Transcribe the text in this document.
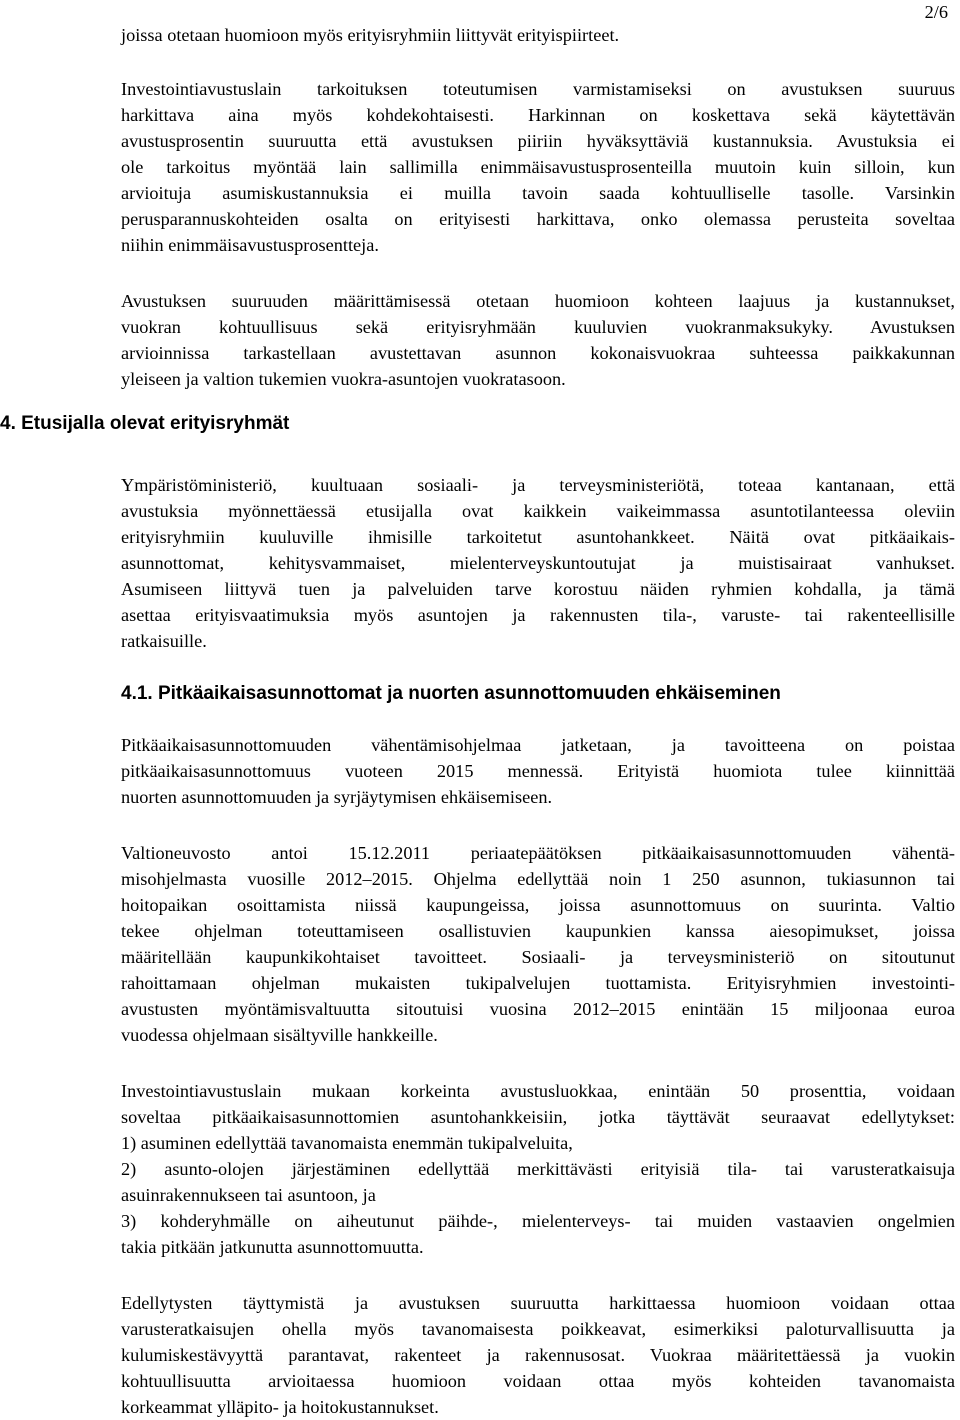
2/6
4. Etusijalla olevat erityisryhmät

joissa otetaan huomioon myös erityisryhmiin liittyvät erityispiirteet.

Investointiavustuslain tarkoituksen toteutumisen varmistamiseksi on avustuksen suuruus
harkittava aina myös kohdekohtaisesti. Harkinnan on koskettava sekä käytettävän
avustusprosentin suuruutta että avustuksen piiriin hyväksyttäviä kustannuksia. Avustuksia ei
ole tarkoitus myöntää lain sallimilla enimmäisavustusprosenteilla muutoin kuin silloin, kun
arvioituja asumiskustannuksia ei muilla tavoin saada kohtuulliselle tasolle. Varsinkin
perusparannuskohteiden osalta on erityisesti harkittava, onko olemassa perusteita soveltaa
niihin enimmäisavustusprosentteja.

Avustuksen suuruuden määrittämisessä otetaan huomioon kohteen laajuus ja kustannukset,
vuokran kohtuullisuus sekä erityisryhmään kuuluvien vuokranmaksukyky. Avustuksen
arvioinnissa tarkastellaan avustettavan asunnon kokonaisvuokraa suhteessa paikkakunnan
yleiseen ja valtion tukemien vuokra-asuntojen vuokratasoon.

Ympäristöministeriö, kuultuaan sosiaali- ja terveysministeriötä, toteaa kantanaan, että
avustuksia myönnettäessä etusijalla ovat kaikkein vaikeimmassa asuntotilanteessa oleviin
erityisryhmiin kuuluville ihmisille tarkoitetut asuntohankkeet. Näitä ovat pitkäaikais-
asunnottomat, kehitysvammaiset, mielenterveyskuntoutujat ja muistisairaat vanhukset.
Asumiseen liittyvä tuen ja palveluiden tarve korostuu näiden ryhmien kohdalla, ja tämä
asettaa erityisvaatimuksia myös asuntojen ja rakennusten tila-, varuste- tai rakenteellisille
ratkaisuille.

4.1. Pitkäaikaisasunnottomat ja nuorten asunnottomuuden ehkäiseminen

Pitkäaikaisasunnottomuuden vähentämisohjelmaa jatketaan, ja tavoitteena on poistaa
pitkäaikaisasunnottomuus vuoteen 2015 mennessä. Erityistä huomiota tulee kiinnittää
nuorten asunnottomuuden ja syrjäytymisen ehkäisemiseen.

Valtioneuvosto antoi 15.12.2011 periaatepäätöksen pitkäaikaisasunnottomuuden vähentä-
misohjelmasta vuosille 2012–2015. Ohjelma edellyttää noin 1 250 asunnon, tukiasunnon tai
hoitopaikan osoittamista niissä kaupungeissa, joissa asunnottomuus on suurinta. Valtio
tekee ohjelman toteuttamiseen osallistuvien kaupunkien kanssa aiesopimukset, joissa
määritellään kaupunkikohtaiset tavoitteet. Sosiaali- ja terveysministeriö on sitoutunut
rahoittamaan ohjelman mukaisten tukipalvelujen tuottamista. Erityisryhmien investointi-
avustusten myöntämisvaltuutta sitoutuisi vuosina 2012–2015 enintään 15 miljoonaa euroa
vuodessa ohjelmaan sisältyville hankkeille.

Investointiavustuslain mukaan korkeinta avustusluokkaa, enintään 50 prosenttia, voidaan
soveltaa pitkäaikaisasunnottomien asuntohankkeisiin, jotka täyttävät seuraavat edellytykset:
1) asuminen edellyttää tavanomaista enemmän tukipalveluita,
2) asunto-olojen järjestäminen edellyttää merkittävästi erityisiä tila- tai varusteratkaisuja
asuinrakennukseen tai asuntoon, ja
3) kohderyhmälle on aiheutunut päihde-, mielenterveys- tai muiden vastaavien ongelmien
takia pitkään jatkunutta asunnottomuutta.

Edellytysten täyttymistä ja avustuksen suuruutta harkittaessa huomioon voidaan ottaa
varusteratkaisujen ohella myös tavanomaisesta poikkeavat, esimerkiksi paloturvallisuutta ja
kulumiskestävyyttä parantavat, rakenteet ja rakennusosat. Vuokraa määritettäessä ja vuokin
kohtuullisuutta arvioitaessa huomioon voidaan ottaa myös kohteiden tavanomaista
korkeammat ylläpito- ja hoitokustannukset.
